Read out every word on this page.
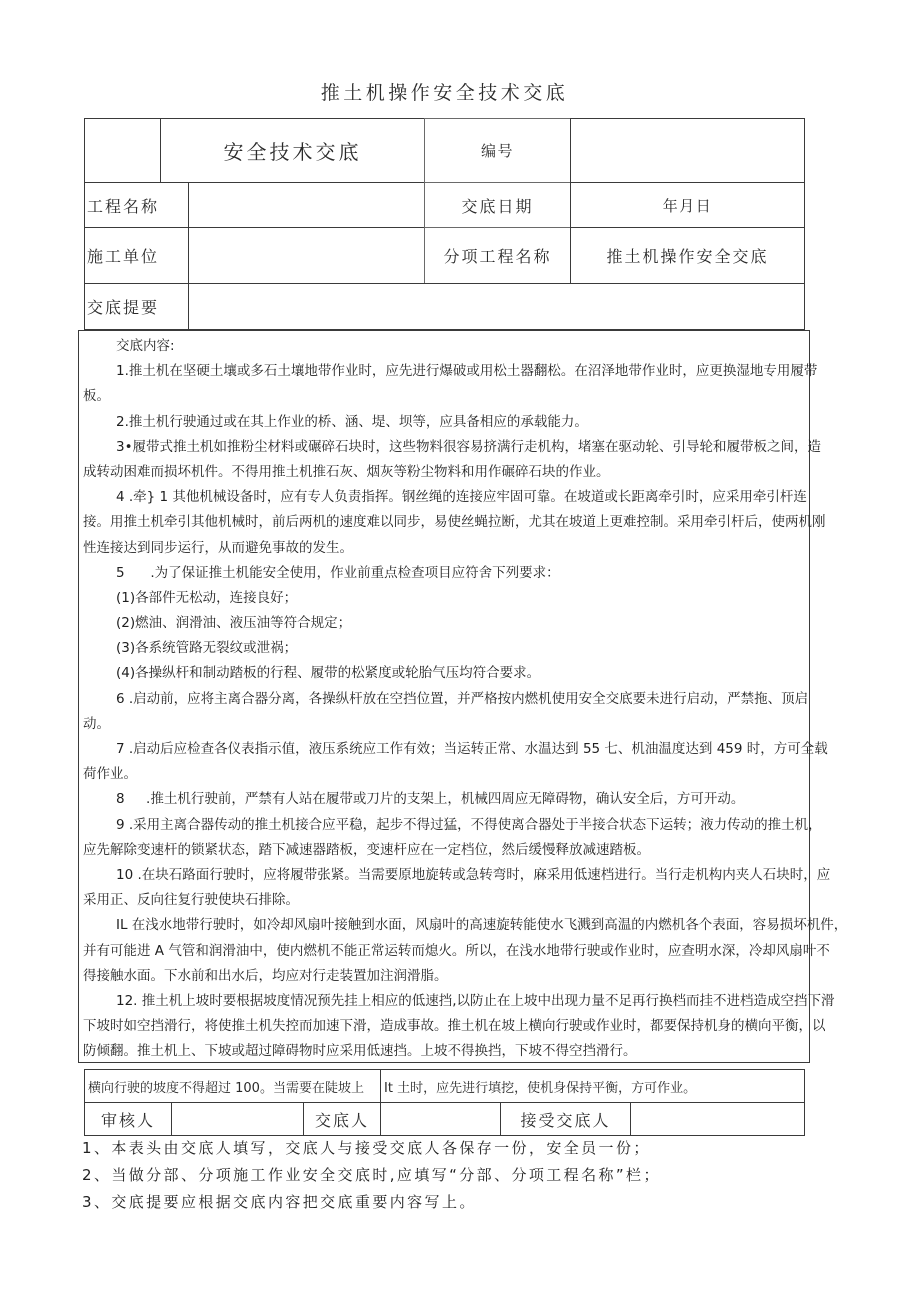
推土机操作安全技术交底
安全技术交底	编号
工程名称	交底日期	年月日
施工单位	分项工程名称	推土机操作安全交底
交底提要
交底内容:
1.推土机在坚硬土壤或多石土壤地带作业时，应先进行爆破或用松土器翻松。在沼泽地带作业时，应更换湿地专用履带
板。
2.推土机行驶通过或在其上作业的桥、涵、堤、坝等，应具备相应的承载能力。
3•履带式推土机如推粉尘材料或碾碎石块时，这些物料很容易挤满行走机构，堵塞在驱动轮、引导轮和履带板之间，造
成转动困难而损坏机件。不得用推土机推石灰、烟灰等粉尘物料和用作碾碎石块的作业。
4 .牵} 1 其他机械设备时，应有专人负责指挥。钢丝绳的连接应牢固可靠。在坡道或长距离牵引时，应采用牵引杆连
接。用推土机牵引其他机械时，前后两机的速度难以同步，易使丝蝇拉断，尤其在坡道上更难控制。采用牵引杆后，使两机刚
性连接达到同步运行，从而避免事故的发生。
5      .为了保证推土机能安全使用，作业前重点检查项目应符舍下列要求：
(1)各部件无松动，连接良好；
(2)燃油、润滑油、液压油等符合规定；
(3)各系统管路无裂纹或泄祸；
(4)各操纵杆和制动踏板的行程、履带的松紧度或轮胎气压均符合要求。
6 .启动前，应将主离合器分离，各操纵杆放在空挡位置，并严格按内燃机使用安全交底要未进行启动，严禁拖、顶启
动。
7 .启动后应检查各仪表指示值，液压系统应工作有效；当运转正常、水温达到 55 七、机油温度达到 459 时，方可全载
荷作业。
8     .推土机行驶前，严禁有人站在履带或刀片的支架上，机械四周应无障碍物，确认安全后，方可开动。
9 .采用主离合器传动的推土机接合应平稳，起步不得过猛，不得使离合器处于半接合状态下运转；液力传动的推土机，
应先解除变速杆的锁紧状态，踏下减速器踏板，变速杆应在一定档位，然后缓慢释放减速踏板。
10 .在块石路面行驶时，应将履带张紧。当需要原地旋转或急转弯时，麻采用低速档进行。当行走机构内夹人石块时，应
采用正、反向往复行驶使块石排除。
IL 在浅水地带行驶时，如冷却风扇叶接触到水面，风扇叶的高速旋转能使水飞溅到高温的内燃机各个表面，容易损坏机件，
并有可能进 A 气管和润滑油中，使内燃机不能正常运转而熄火。所以，在浅水地带行驶或作业时，应查明水深，冷却风扇叶不
得接触水面。下水前和出水后，均应对行走装置加注润滑脂。
12. 推土机上坡时要根据坡度情况预先挂上相应的低速挡,以防止在上坡中出现力量不足再行换档而挂不进档造成空挡下滑
下坡时如空挡滑行，将使推土机失控而加速下滑，造成事故。推土机在坡上横向行驶或作业时，都要保持机身的横向平衡，以
防倾翻。推土机上、下坡或超过障碍物时应采用低速挡。上坡不得换挡，下坡不得空挡滑行。
横向行驶的坡度不得超过 100。当需要在陡坡上	It 土时，应先进行填挖，使机身保持平衡，方可作业。
审核人	交底人	接受交底人
1、本表头由交底人填写，交底人与接受交底人各保存一份，安全员一份；
2、当做分部、分项施工作业安全交底时,应填写“分部、分项工程名称”栏；
3、交底提要应根据交底内容把交底重要内容写上。
